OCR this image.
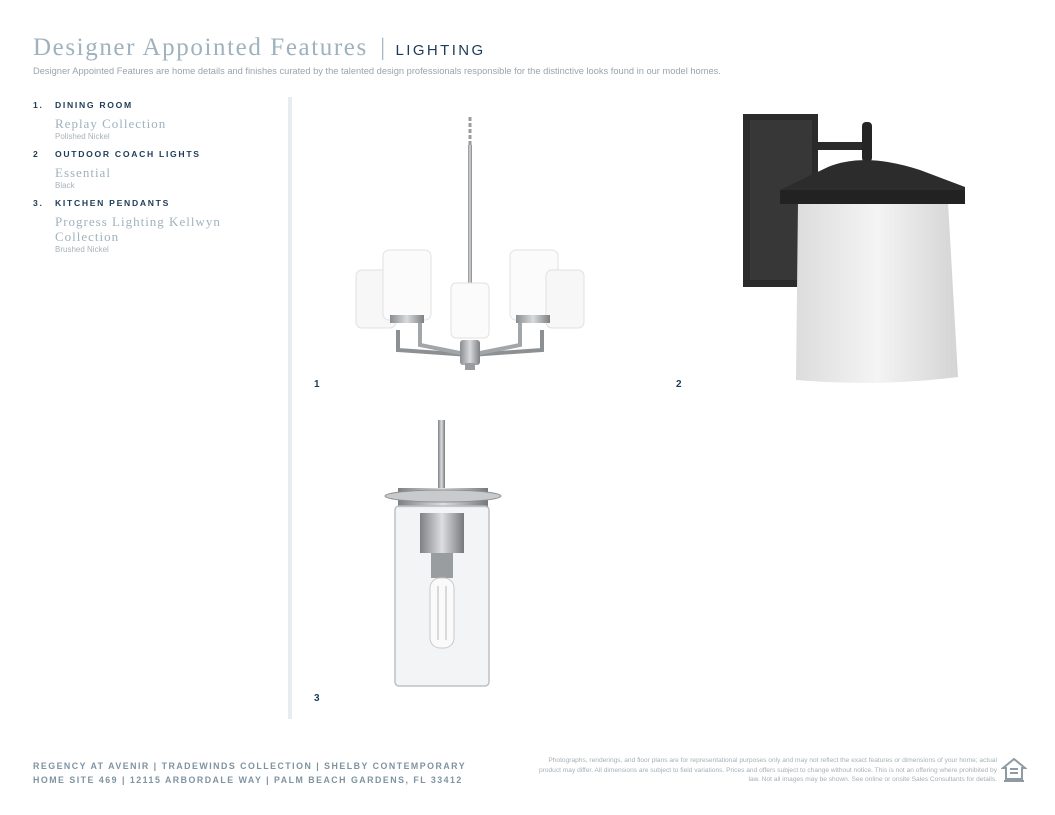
Designer Appointed Features | LIGHTING
Designer Appointed Features are home details and finishes curated by the talented design professionals responsible for the distinctive looks found in our model homes.
1.	DINING ROOM
Replay Collection
Polished Nickel
2	OUTDOOR COACH LIGHTS
Essential
Black
3.	KITCHEN PENDANTS
Progress Lighting Kellwyn Collection
Brushed Nickel
1	2
3
REGENCY AT AVENIR | TRADEWINDS COLLECTION | SHELBY CONTEMPORARY
HOME SITE 469 | 12115 ARBORDALE WAY | PALM BEACH GARDENS, FL 33412
Photographs, renderings, and floor plans are for representational purposes only and may not reflect the exact features or dimensions of your home; actual product may differ. All dimensions are subject to field variations. Prices and offers subject to change without notice. This is not an offering where prohibited by law. Not all images may be shown. See online or onsite Sales Consultants for details.
